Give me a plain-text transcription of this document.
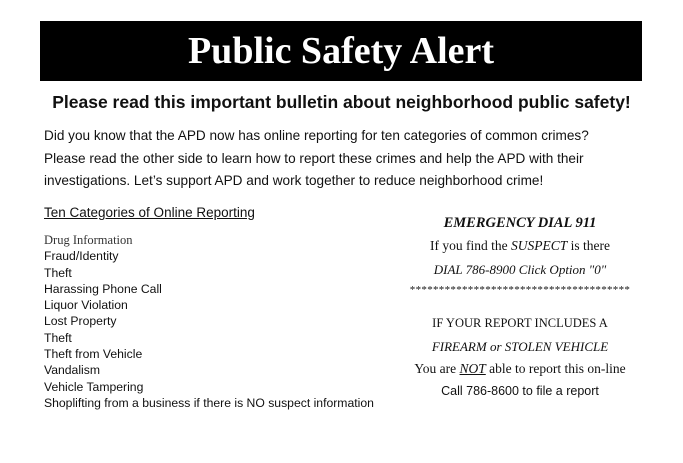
Public Safety Alert
Please read this important bulletin about neighborhood public safety!
Did you know that the APD now has online reporting for ten categories of common crimes?
Please read the other side to learn how to report these crimes and help the APD with their
investigations. Let’s support APD and work together to reduce neighborhood crime!
Ten Categories of Online Reporting
Drug Information
Fraud/Identity
Theft
Harassing Phone Call
Liquor Violation
Lost Property
Theft
Theft from Vehicle
Vandalism
Vehicle Tampering
Shoplifting from a business if there is NO suspect information
EMERGENCY DIAL 911
If you find the SUSPECT is there
DIAL 786-8900 Click Option "0"
**************************************
IF YOUR REPORT INCLUDES A
FIREARM or STOLEN VEHICLE
You are NOT able to report this on-line
Call 786-8600 to file a report
